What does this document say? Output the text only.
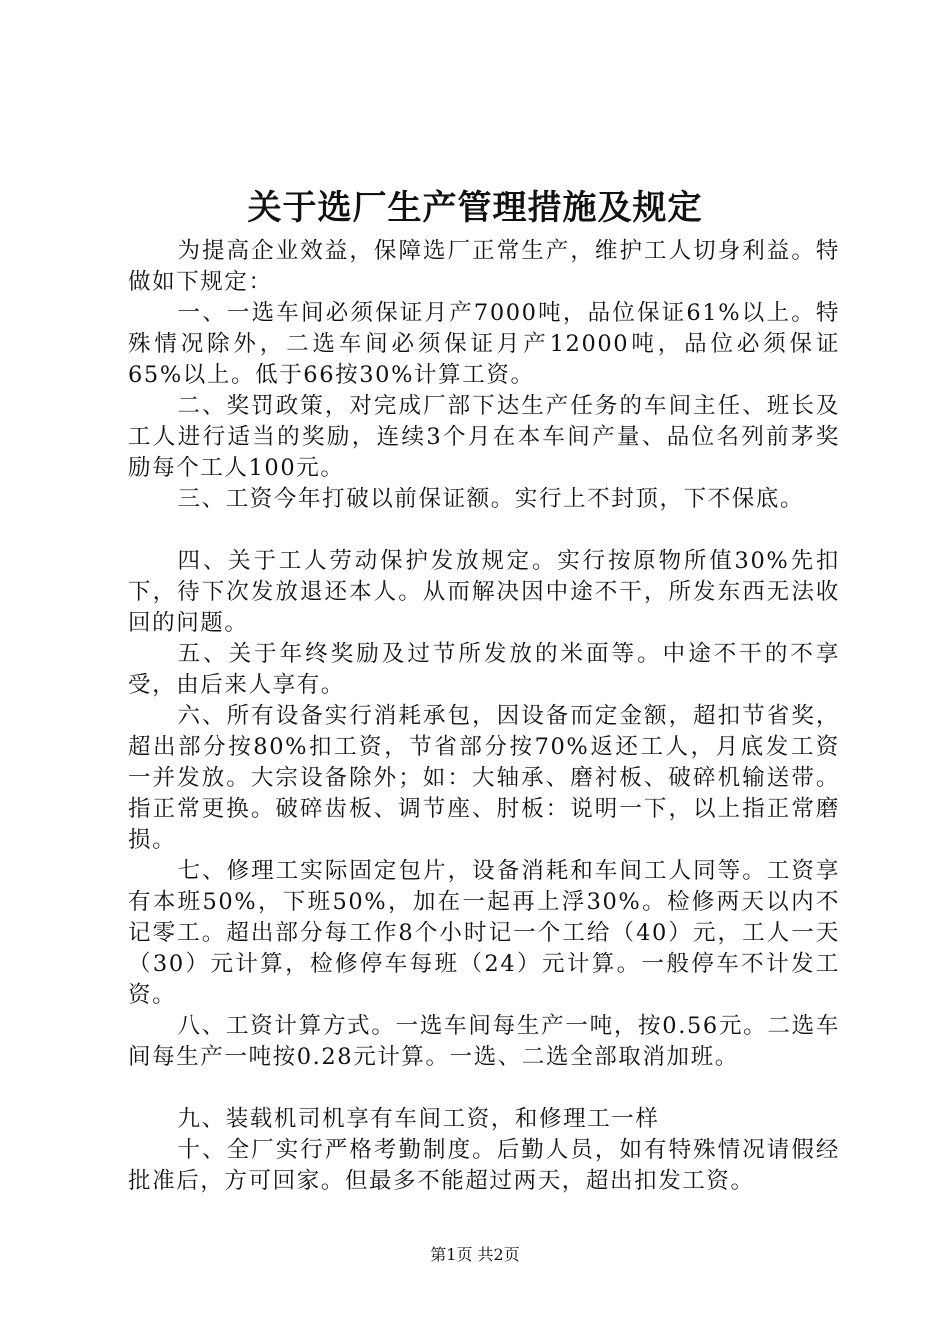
关于选厂生产管理措施及规定

为提高企业效益，保障选厂正常生产，维护工人切身利益。特做如下规定：

一、一选车间必须保证月产7000吨，品位保证61%以上。特殊情况除外，二选车间必须保证月产12000吨，品位必须保证65%以上。低于66按30%计算工资。

二、奖罚政策，对完成厂部下达生产任务的车间主任、班长及工人进行适当的奖励，连续3个月在本车间产量、品位名列前茅奖励每个工人100元。

三、工资今年打破以前保证额。实行上不封顶，下不保底。

四、关于工人劳动保护发放规定。实行按原物所值30%先扣下，待下次发放退还本人。从而解决因中途不干，所发东西无法收回的问题。

五、关于年终奖励及过节所发放的米面等。中途不干的不享受，由后来人享有。

六、所有设备实行消耗承包，因设备而定金额，超扣节省奖，超出部分按80%扣工资，节省部分按70%返还工人，月底发工资一并发放。大宗设备除外；如：大轴承、磨衬板、破碎机输送带。指正常更换。破碎齿板、调节座、肘板：说明一下，以上指正常磨损。

七、修理工实际固定包片，设备消耗和车间工人同等。工资享有本班50%，下班50%，加在一起再上浮30%。检修两天以内不记零工。超出部分每工作8个小时记一个工给（40）元，工人一天（30）元计算，检修停车每班（24）元计算。一般停车不计发工资。

八、工资计算方式。一选车间每生产一吨，按0.56元。二选车间每生产一吨按0.28元计算。一选、二选全部取消加班。

九、装载机司机享有车间工资，和修理工一样

十、全厂实行严格考勤制度。后勤人员，如有特殊情况请假经批准后，方可回家。但最多不能超过两天，超出扣发工资。

第1页 共2页
